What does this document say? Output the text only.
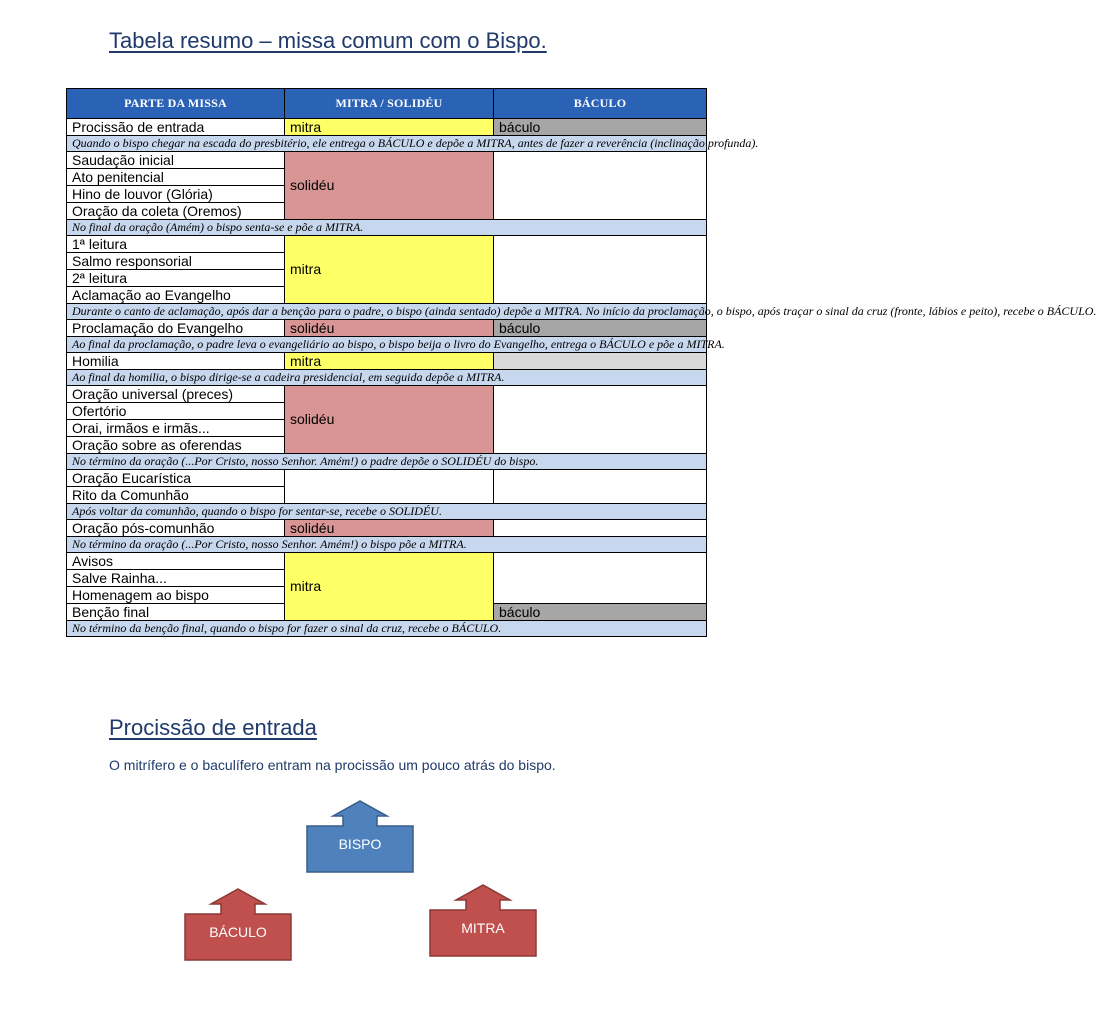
Tabela resumo – missa comum com o Bispo.
PARTE DA MISSA	MITRA / SOLIDÉU	BÁCULO
Procissão de entrada	mitra	báculo
Quando o bispo chegar na escada do presbitério, ele entrega o BÁCULO e depõe a MITRA, antes de fazer a reverência (inclinação profunda).		
Saudação inicial	solidéu	
Ato penitencial		
Hino de louvor (Glória)		
Oração da coleta (Oremos)		
No final da oração (Amém) o bispo senta-se e põe a MITRA.		
1ª leitura	mitra	
Salmo responsorial		
2ª leitura		
Aclamação ao Evangelho		
Durante o canto de aclamação, após dar a benção para o padre, o bispo (ainda sentado) depõe a MITRA. No início da proclamação, o bispo, após traçar o sinal da cruz (fronte, lábios e peito), recebe o BÁCULO.		
Proclamação do Evangelho	solidéu	báculo
Ao final da proclamação, o padre leva o evangeliário ao bispo, o bispo beija o livro do Evangelho, entrega o BÁCULO e põe a MITRA.		
Homilia	mitra	
Ao final da homilia, o bispo dirige-se a cadeira presidencial, em seguida depõe a MITRA.		
Oração universal (preces)	solidéu	
Ofertório		
Orai, irmãos e irmãs...		
Oração sobre as oferendas		
No término da oração (...Por Cristo, nosso Senhor. Amém!) o padre depõe o SOLIDÉU do bispo.		
Oração Eucarística		
Rito da Comunhão		
Após voltar da comunhão, quando o bispo for sentar-se, recebe o SOLIDÉU.		
Oração pós-comunhão	solidéu	
No término da oração (...Por Cristo, nosso Senhor. Amém!) o bispo põe a MITRA.		
Avisos	mitra	
Salve Rainha...		
Homenagem ao bispo		
Benção final		báculo
No término da benção final, quando o bispo for fazer o sinal da cruz, recebe o BÁCULO.		
Procissão de entrada
O mitrífero e o baculífero entram na procissão um pouco atrás do bispo.
BISPO
BÁCULO	MITRA
